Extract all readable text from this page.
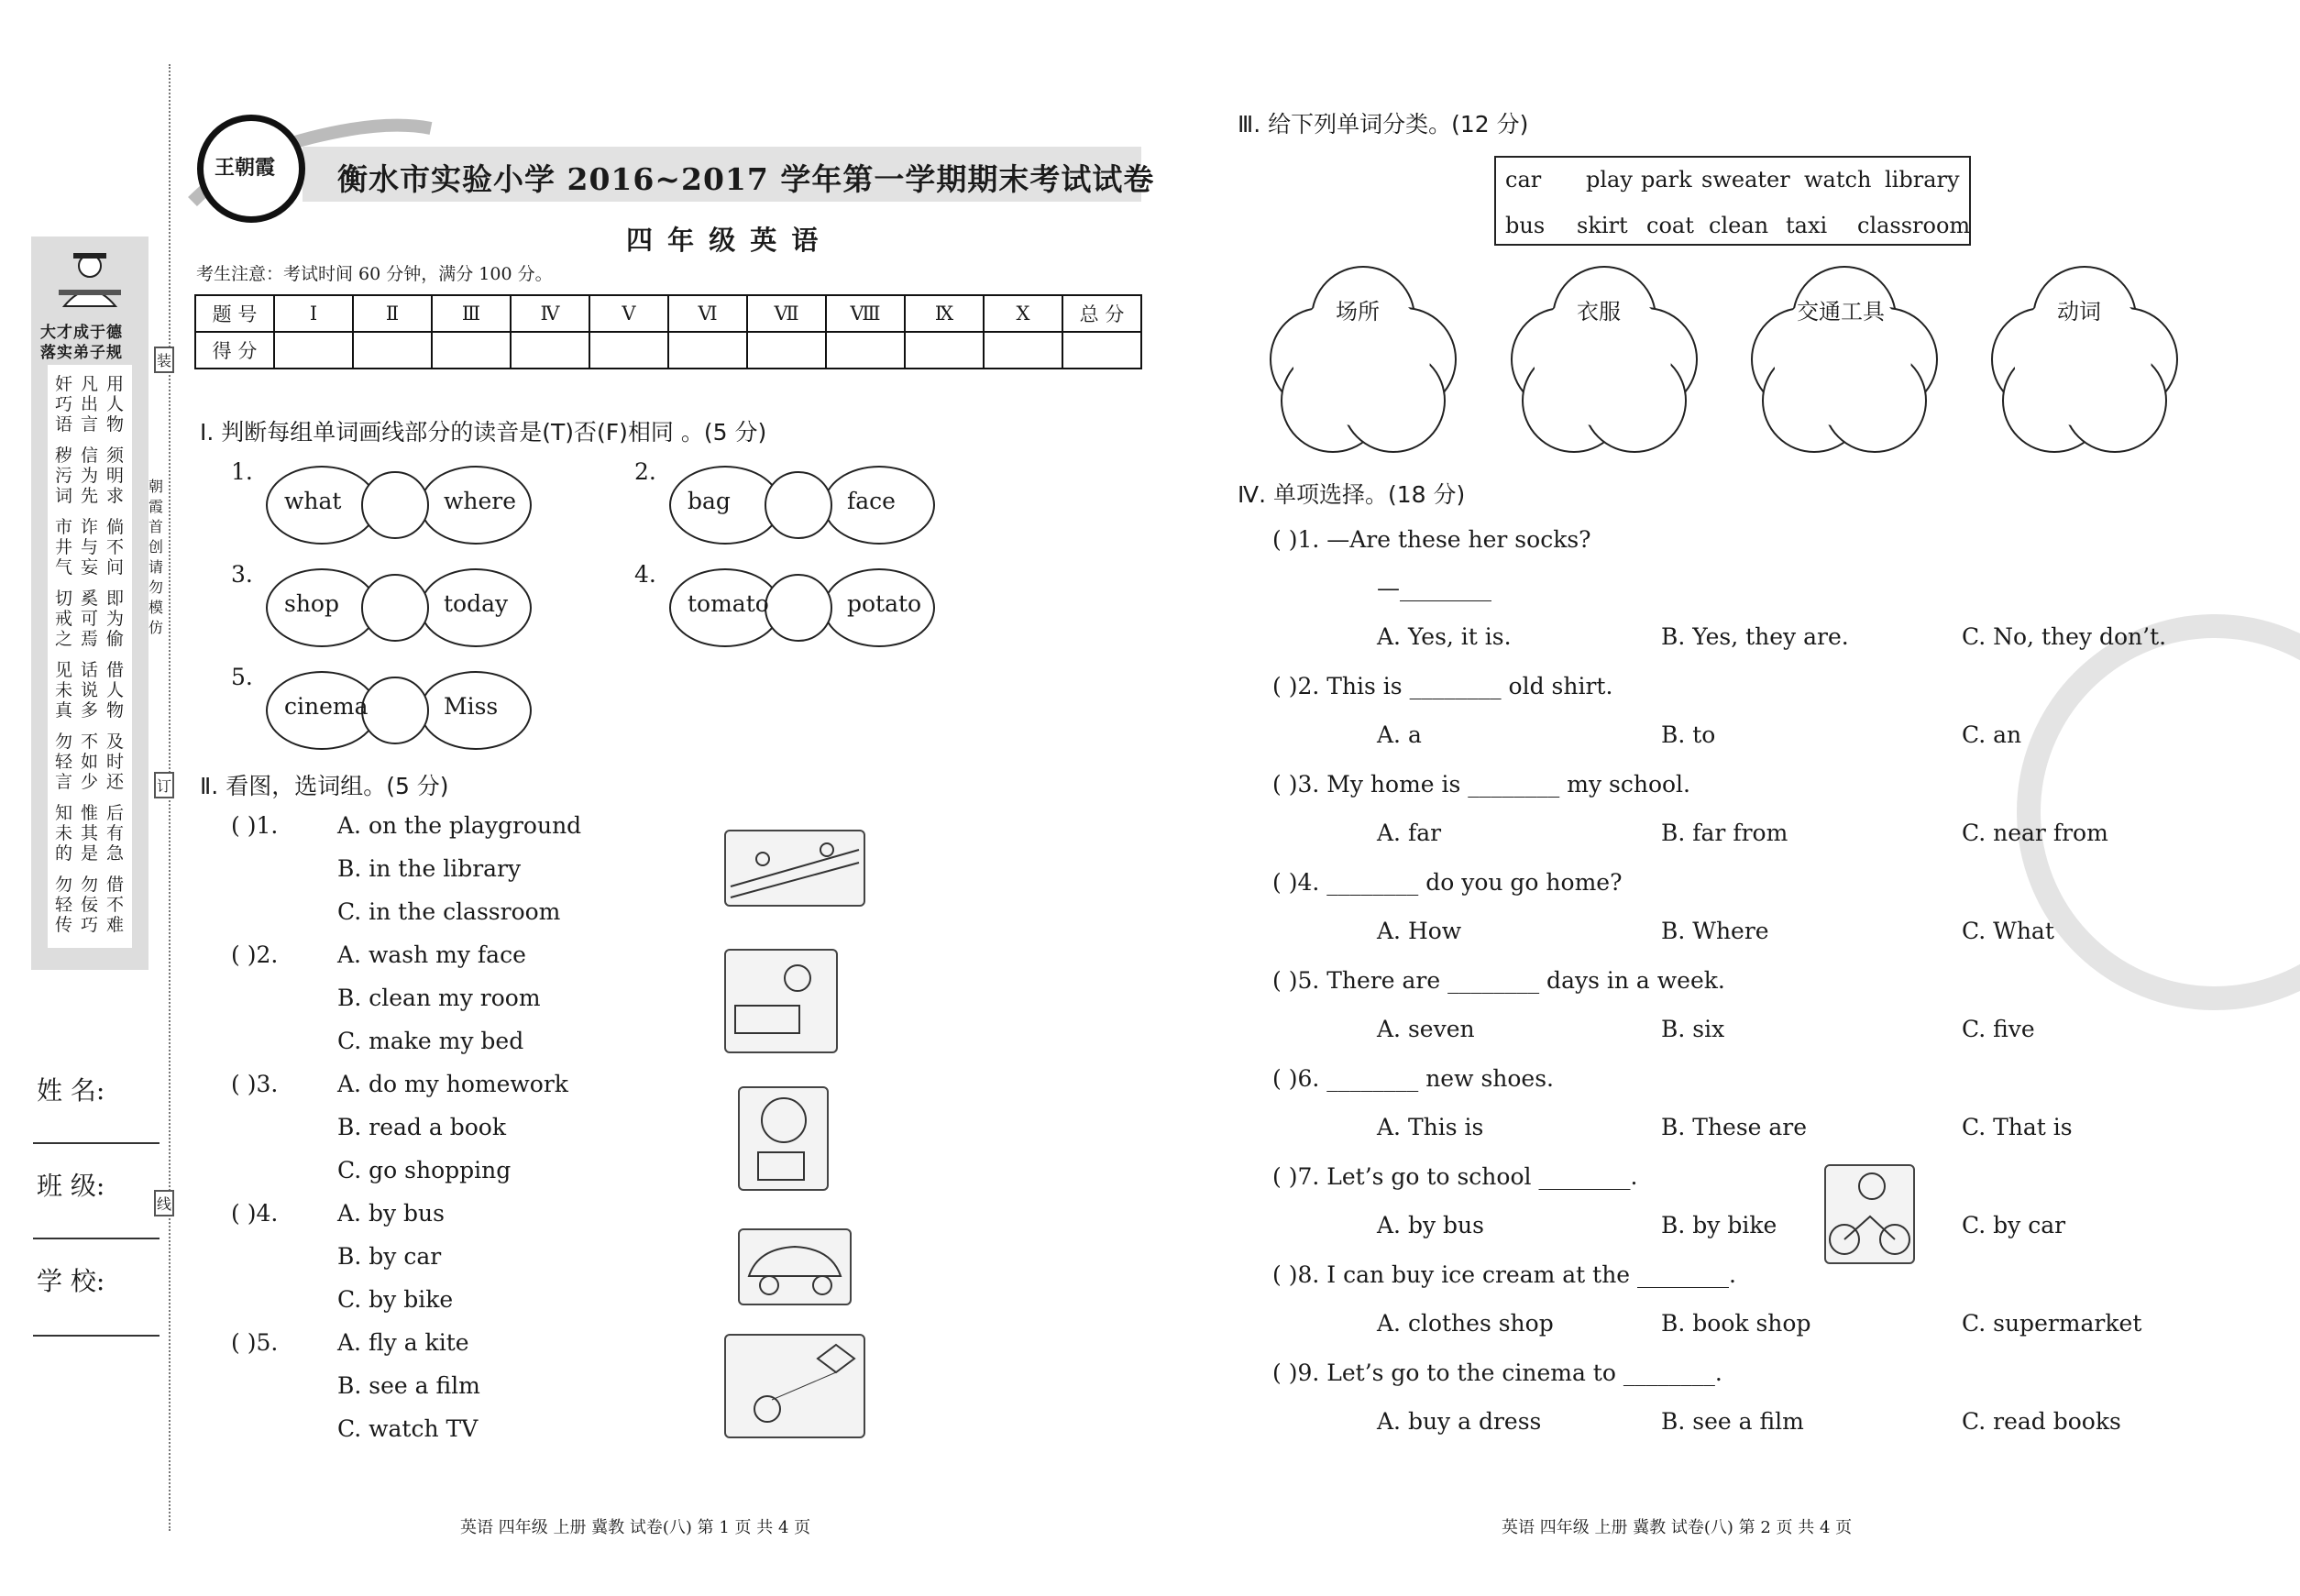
大才成于德
落实弟子规
奸巧语
凡出言
用人物
秽污词
信为先
须明求
市井气
诈与妄
倘不问
切戒之
奚可焉
即为偷
见未真
话说多
借人物
勿轻言
不如少
及时还
知未的
惟其是
后有急
勿轻传
勿佞巧
借不难
装
订
线
朝霞首创 请勿模仿
姓 名:
班 级:
学 校:
王朝霞 衡水市实验小学 2016~2017 学年第一学期期末考试试卷
四 年 级 英 语
考生注意：考试时间 60 分钟，满分 100 分。
题 号	Ⅰ	Ⅱ	Ⅲ	Ⅳ	Ⅴ	Ⅵ	Ⅶ	Ⅷ	Ⅸ	Ⅹ	总 分
得 分											
Ⅰ. 判断每组单词画线部分的读音是(T)否(F)相同 。(5 分)
1.
what	where
2.
bag	face
3.
shop	today
4.
tomato	potato
5.
cinema	Miss
Ⅱ. 看图，选词组。(5 分)
( )1.	A. on the playground
B. in the library
C. in the classroom
( )2.	A. wash my face
B. clean my room
C. make my bed
( )3.	A. do my homework
B. read a book
C. go shopping
( )4.	A. by bus
B. by car
C. by bike
( )5.	A. fly a kite
B. see a film
C. watch TV
Ⅲ. 给下列单词分类。(12 分)
car play park sweater watch library
bus skirt coat clean taxi classroom
场所	衣服	交通工具	动词
Ⅳ. 单项选择。(18 分)
( )1. —Are these her socks?
—________
A. Yes, it is.	B. Yes, they are.	C. No, they don’t.
( )2. This is ________ old shirt.
A. a	B. to	C. an
( )3. My home is ________ my school.
A. far	B. far from	C. near from
( )4. ________ do you go home?
A. How	B. Where	C. What
( )5. There are ________ days in a week.
A. seven	B. six	C. five
( )6. ________ new shoes.
A. This is	B. These are	C. That is
( )7. Let’s go to school ________.
A. by bus	B. by bike	C. by car
( )8. I can buy ice cream at the ________.
A. clothes shop	B. book shop	C. supermarket
( )9. Let’s go to the cinema to ________.
A. buy a dress	B. see a film	C. read books
英语 四年级 上册 冀教 试卷(八) 第 1 页 共 4 页	英语 四年级 上册 冀教 试卷(八) 第 2 页 共 4 页
